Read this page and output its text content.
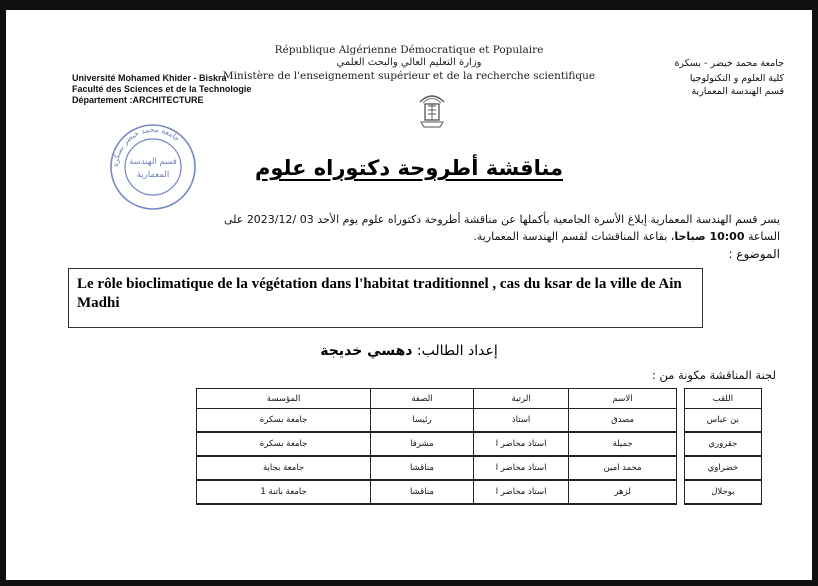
République Algérienne Démocratique et Populaire
وزارة التعليم العالي والبحث العلمي
Ministère de l'enseignement supérieur et de la recherche scientifique
Université Mohamed Khider - Biskra
Faculté des Sciences et de la Technologie
Département :ARCHITECTURE
جامعة محمد خيضر - بسكرة
كلية العلوم و التكنولوجيا
قسم الهندسة المعمارية
جامعة محمد خيضر بسكرة
قسم الهندسة
المعمارية	مناقشة أطروحة دكتوراه علوم
يسر قسم الهندسة المعمارية إبلاغ الأسرة الجامعية بأكملها عن مناقشة أطروحة دكتوراه علوم يوم الأحد 03 /2023/12 على
الساعة 10:00 صباحا، بقاعة المناقشات لقسم الهندسة المعمارية.
الموضوع :
Le rôle bioclimatique de la végétation dans l'habitat traditionnel , cas du ksar de la ville de Ain Madhi
إعداد الطالب: دهسي خديجة
لجنة المناقشة مكونة من :
اللقب		الاسم	الرتبة	الصفة	المؤسسة
بن عباس		مصدق	استاذ	رئيسا	جامعة بسكرة
جقروري		جميلة	استاذ محاضر ا	مشرفا	جامعة بسكرة
خضراوي		محمد امين	استاذ محاضر ا	مناقشا	جامعة بجاية
بوجلال		لزهر	استاذ محاضر ا	مناقشا	جامعة باتنة 1
